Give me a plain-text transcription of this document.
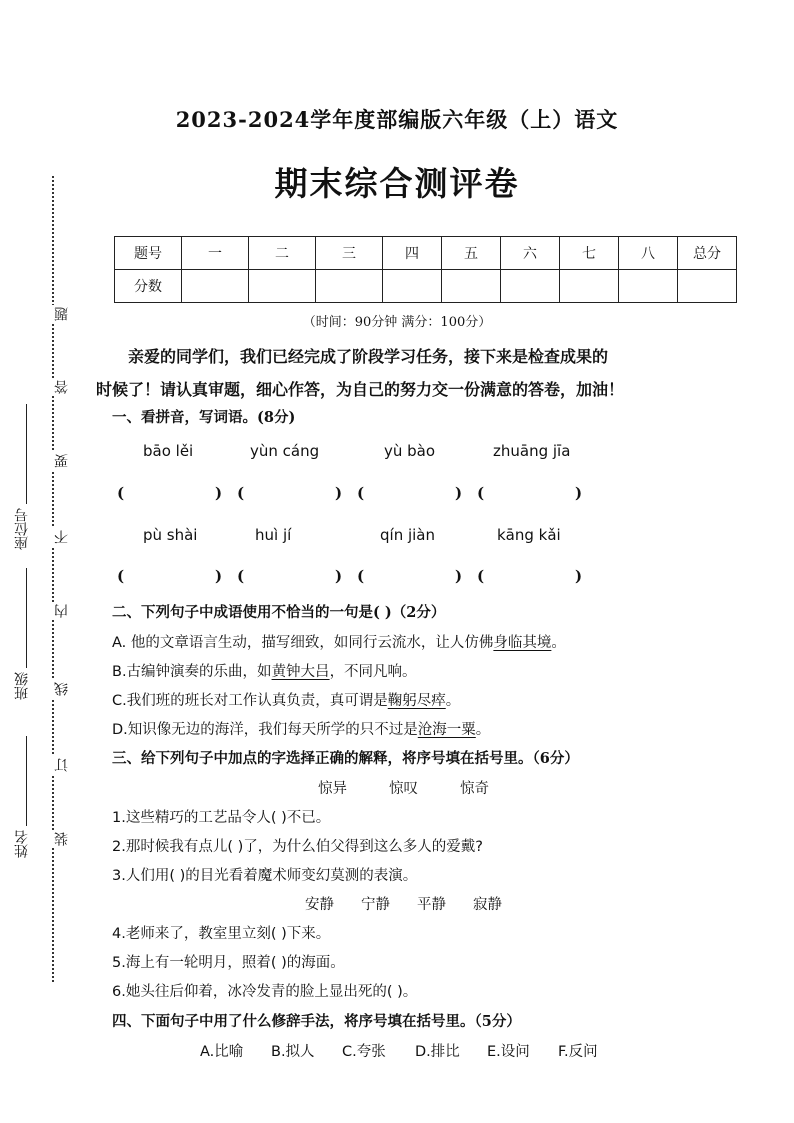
题
答
要
不
内
线
订
装
座位号
班级
姓名
2023-2024学年度部编版六年级（上）语文
期末综合测评卷
题号	一	二	三	四	五	六	七	八	总分
分数									
（时间：90分钟 满分：100分）
亲爱的同学们，我们已经完成了阶段学习任务，接下来是检查成果的
时候了！请认真审题，细心作答，为自己的努力交一份满意的答卷，加油！
一、看拼音，写词语。(8分)
bāo lěi	yùn cáng	yù bào	zhuāng jīa
(	) (	) (	) (	)
pù shài	huì jí	qín jiàn	kāng kǎi
(	) (	) (	) (	)
二、下列句子中成语使用不恰当的一句是( )（2分）
A. 他的文章语言生动，描写细致，如同行云流水，让人仿佛身临其境。
B.古编钟演奏的乐曲，如黄钟大吕，不同凡响。
C.我们班的班长对工作认真负责，真可谓是鞠躬尽瘁。
D.知识像无边的海洋，我们每天所学的只不过是沧海一粟。
三、给下列句子中加点的字选择正确的解释，将序号填在括号里。（6分）
惊异	惊叹	惊奇
1.这些精巧的工艺品令人( )不已。
2.那时候我有点儿( )了，为什么伯父得到这么多人的爱戴?
3.人们用( )的目光看着魔术师变幻莫测的表演。
安静 宁静 平静 寂静
4.老师来了，教室里立刻( )下来。
5.海上有一轮明月，照着( )的海面。
6.她头往后仰着，冰冷发青的脸上显出死的( )。
四、下面句子中用了什么修辞手法，将序号填在括号里。（5分）
A.比喻 B.拟人 C.夸张 D.排比 E.设问 F.反问
